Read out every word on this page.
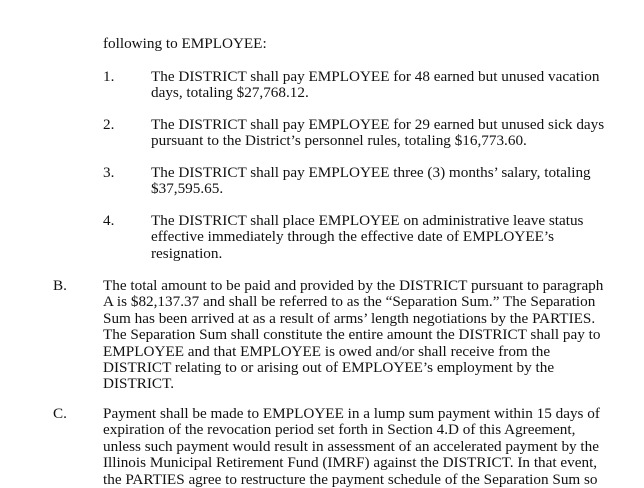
following to EMPLOYEE:
1. The DISTRICT shall pay EMPLOYEE for 48 earned but unused vacation
days, totaling $27,768.12.
2. The DISTRICT shall pay EMPLOYEE for 29 earned but unused sick days
pursuant to the District’s personnel rules, totaling $16,773.60.
3. The DISTRICT shall pay EMPLOYEE three (3) months’ salary, totaling
$37,595.65.
4. The DISTRICT shall place EMPLOYEE on administrative leave status
effective immediately through the effective date of EMPLOYEE’s
resignation.
B. The total amount to be paid and provided by the DISTRICT pursuant to paragraph
A is $82,137.37 and shall be referred to as the “Separation Sum.” The Separation
Sum has been arrived at as a result of arms’ length negotiations by the PARTIES.
The Separation Sum shall constitute the entire amount the DISTRICT shall pay to
EMPLOYEE and that EMPLOYEE is owed and/or shall receive from the
DISTRICT relating to or arising out of EMPLOYEE’s employment by the
DISTRICT.
C. Payment shall be made to EMPLOYEE in a lump sum payment within 15 days of
expiration of the revocation period set forth in Section 4.D of this Agreement,
unless such payment would result in assessment of an accelerated payment by the
Illinois Municipal Retirement Fund (IMRF) against the DISTRICT. In that event,
the PARTIES agree to restructure the payment schedule of the Separation Sum so
